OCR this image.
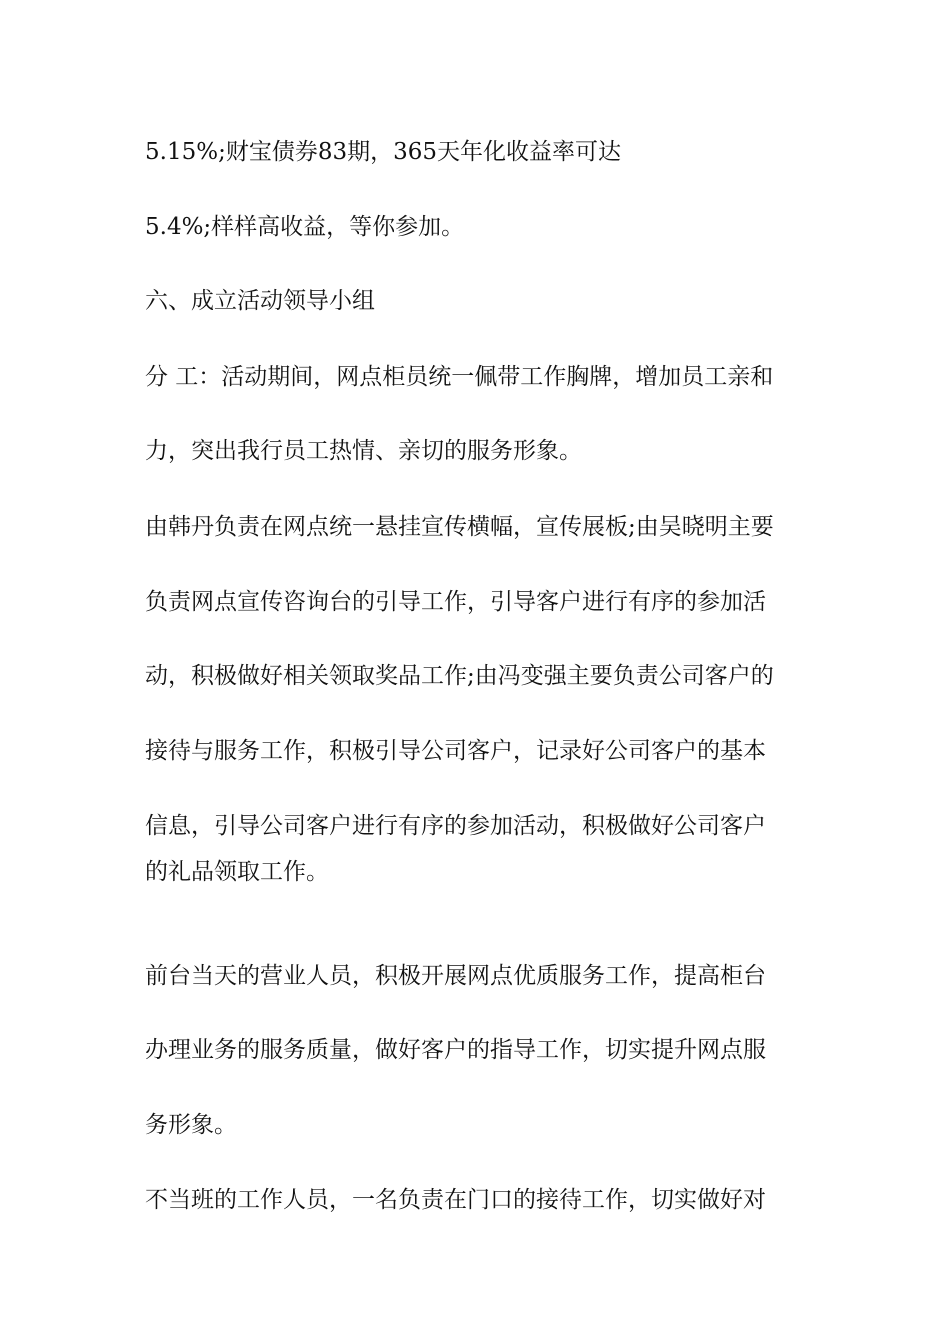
5.15%;财宝债券83期，365天年化收益率可达
5.4%;样样高收益，等你参加。
六、成立活动领导小组
分 工：活动期间，网点柜员统一佩带工作胸牌，增加员工亲和
力，突出我行员工热情、亲切的服务形象。
由韩丹负责在网点统一悬挂宣传横幅，宣传展板;由吴晓明主要
负责网点宣传咨询台的引导工作，引导客户进行有序的参加活
动，积极做好相关领取奖品工作;由冯变强主要负责公司客户的
接待与服务工作，积极引导公司客户，记录好公司客户的基本
信息，引导公司客户进行有序的参加活动，积极做好公司客户
的礼品领取工作。
前台当天的营业人员，积极开展网点优质服务工作，提高柜台
办理业务的服务质量，做好客户的指导工作，切实提升网点服
务形象。
不当班的工作人员，一名负责在门口的接待工作，切实做好对
